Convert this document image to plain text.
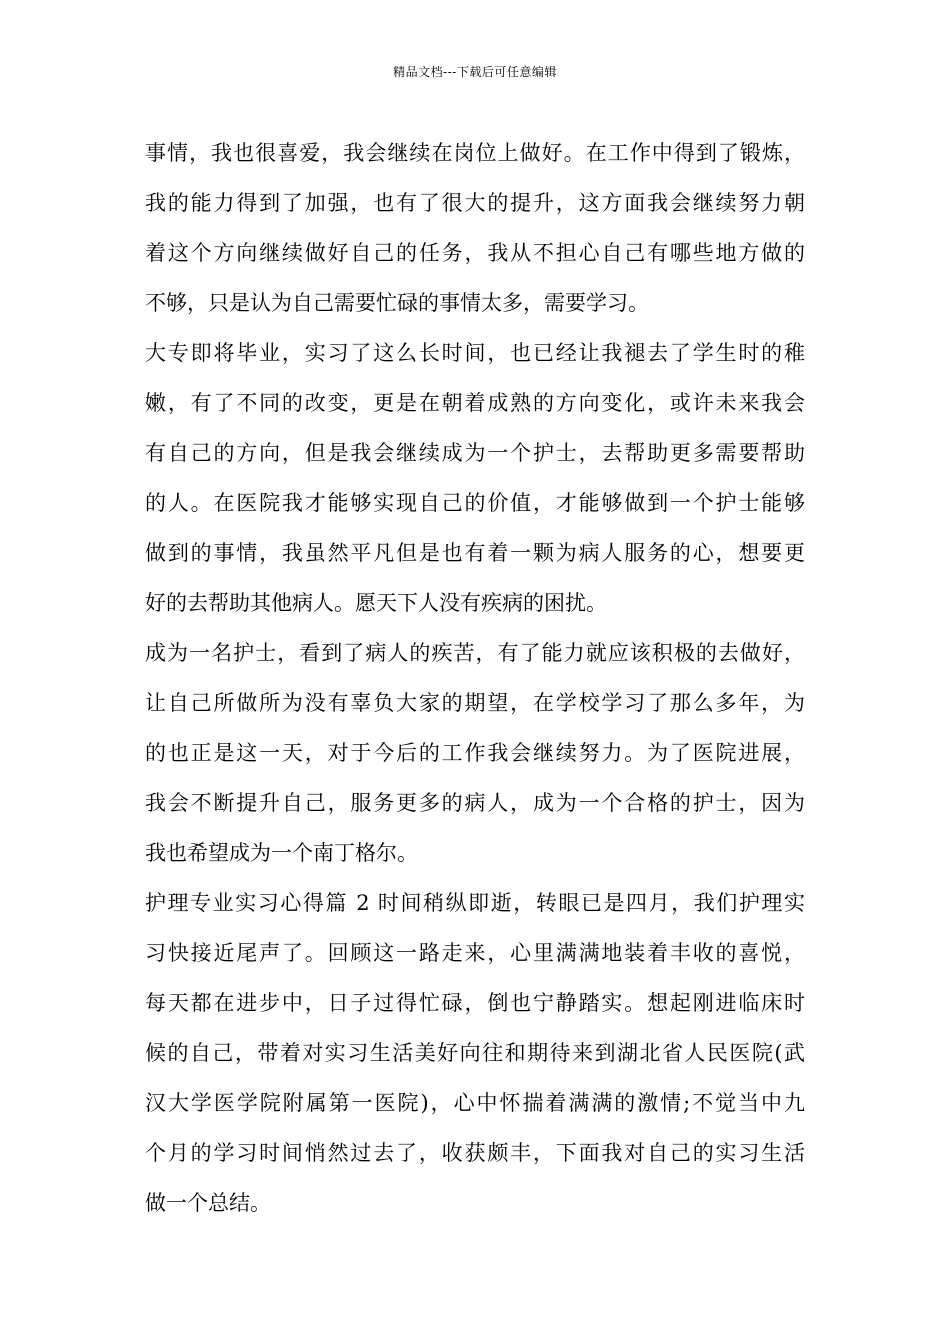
精品文档---下载后可任意编辑
事情，我也很喜爱，我会继续在岗位上做好。在工作中得到了锻炼，
我的能力得到了加强，也有了很大的提升，这方面我会继续努力朝
着这个方向继续做好自己的任务，我从不担心自己有哪些地方做的
不够，只是认为自己需要忙碌的事情太多，需要学习。
大专即将毕业，实习了这么长时间，也已经让我褪去了学生时的稚
嫩，有了不同的改变，更是在朝着成熟的方向变化，或许未来我会
有自己的方向，但是我会继续成为一个护士，去帮助更多需要帮助
的人。在医院我才能够实现自己的价值，才能够做到一个护士能够
做到的事情，我虽然平凡但是也有着一颗为病人服务的心，想要更
好的去帮助其他病人。愿天下人没有疾病的困扰。
成为一名护士，看到了病人的疾苦，有了能力就应该积极的去做好，
让自己所做所为没有辜负大家的期望，在学校学习了那么多年，为
的也正是这一天，对于今后的工作我会继续努力。为了医院进展，
我会不断提升自己，服务更多的病人，成为一个合格的护士，因为
我也希望成为一个南丁格尔。
护理专业实习心得篇 2 时间稍纵即逝，转眼已是四月，我们护理实
习快接近尾声了。回顾这一路走来，心里满满地装着丰收的喜悦，
每天都在进步中，日子过得忙碌，倒也宁静踏实。想起刚进临床时
候的自己，带着对实习生活美好向往和期待来到湖北省人民医院(武
汉大学医学院附属第一医院)，心中怀揣着满满的激情;不觉当中九
个月的学习时间悄然过去了，收获颇丰，下面我对自己的实习生活
做一个总结。
